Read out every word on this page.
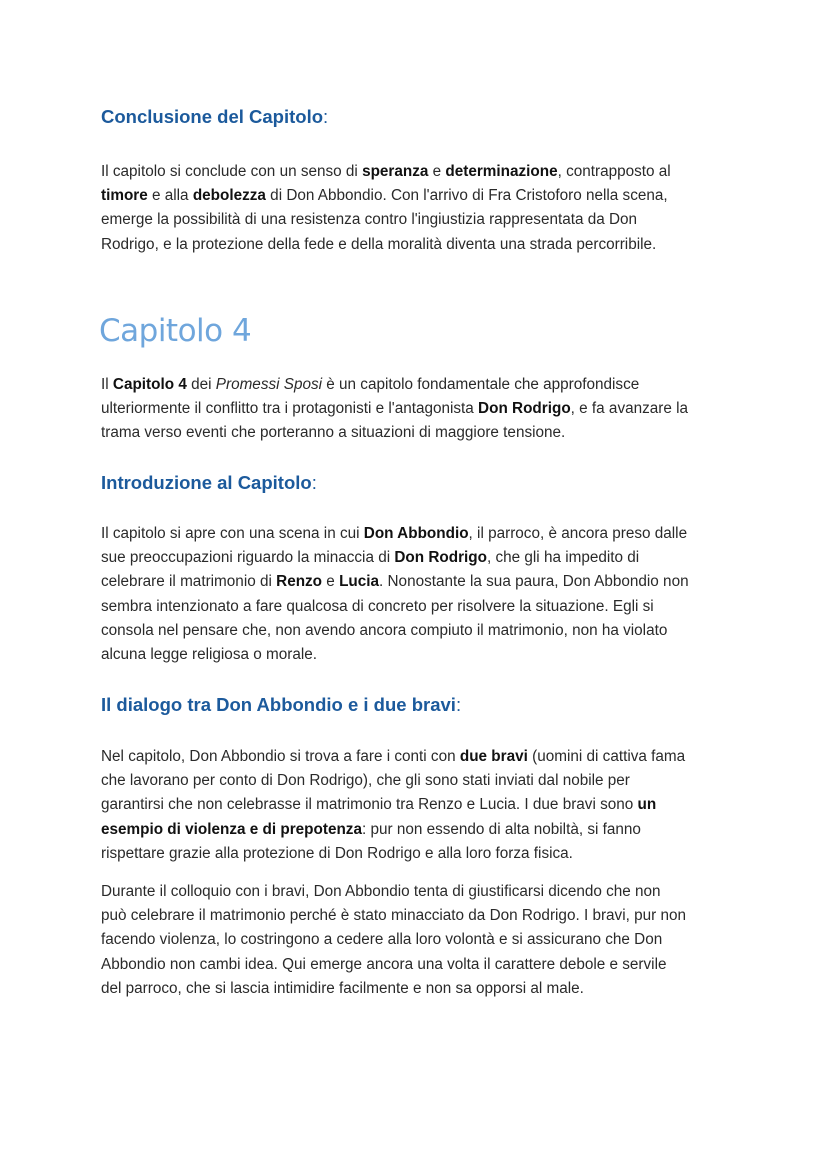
Conclusione del Capitolo:
Il capitolo si conclude con un senso di speranza e determinazione, contrapposto al
timore e alla debolezza di Don Abbondio. Con l'arrivo di Fra Cristoforo nella scena,
emerge la possibilità di una resistenza contro l'ingiustizia rappresentata da Don
Rodrigo, e la protezione della fede e della moralità diventa una strada percorribile.
Capitolo 4
Il Capitolo 4 dei Promessi Sposi è un capitolo fondamentale che approfondisce
ulteriormente il conflitto tra i protagonisti e l'antagonista Don Rodrigo, e fa avanzare la
trama verso eventi che porteranno a situazioni di maggiore tensione.
Introduzione al Capitolo:
Il capitolo si apre con una scena in cui Don Abbondio, il parroco, è ancora preso dalle
sue preoccupazioni riguardo la minaccia di Don Rodrigo, che gli ha impedito di
celebrare il matrimonio di Renzo e Lucia. Nonostante la sua paura, Don Abbondio non
sembra intenzionato a fare qualcosa di concreto per risolvere la situazione. Egli si
consola nel pensare che, non avendo ancora compiuto il matrimonio, non ha violato
alcuna legge religiosa o morale.
Il dialogo tra Don Abbondio e i due bravi:
Nel capitolo, Don Abbondio si trova a fare i conti con due bravi (uomini di cattiva fama
che lavorano per conto di Don Rodrigo), che gli sono stati inviati dal nobile per
garantirsi che non celebrasse il matrimonio tra Renzo e Lucia. I due bravi sono un
esempio di violenza e di prepotenza: pur non essendo di alta nobiltà, si fanno
rispettare grazie alla protezione di Don Rodrigo e alla loro forza fisica.
Durante il colloquio con i bravi, Don Abbondio tenta di giustificarsi dicendo che non
può celebrare il matrimonio perché è stato minacciato da Don Rodrigo. I bravi, pur non
facendo violenza, lo costringono a cedere alla loro volontà e si assicurano che Don
Abbondio non cambi idea. Qui emerge ancora una volta il carattere debole e servile
del parroco, che si lascia intimidire facilmente e non sa opporsi al male.
